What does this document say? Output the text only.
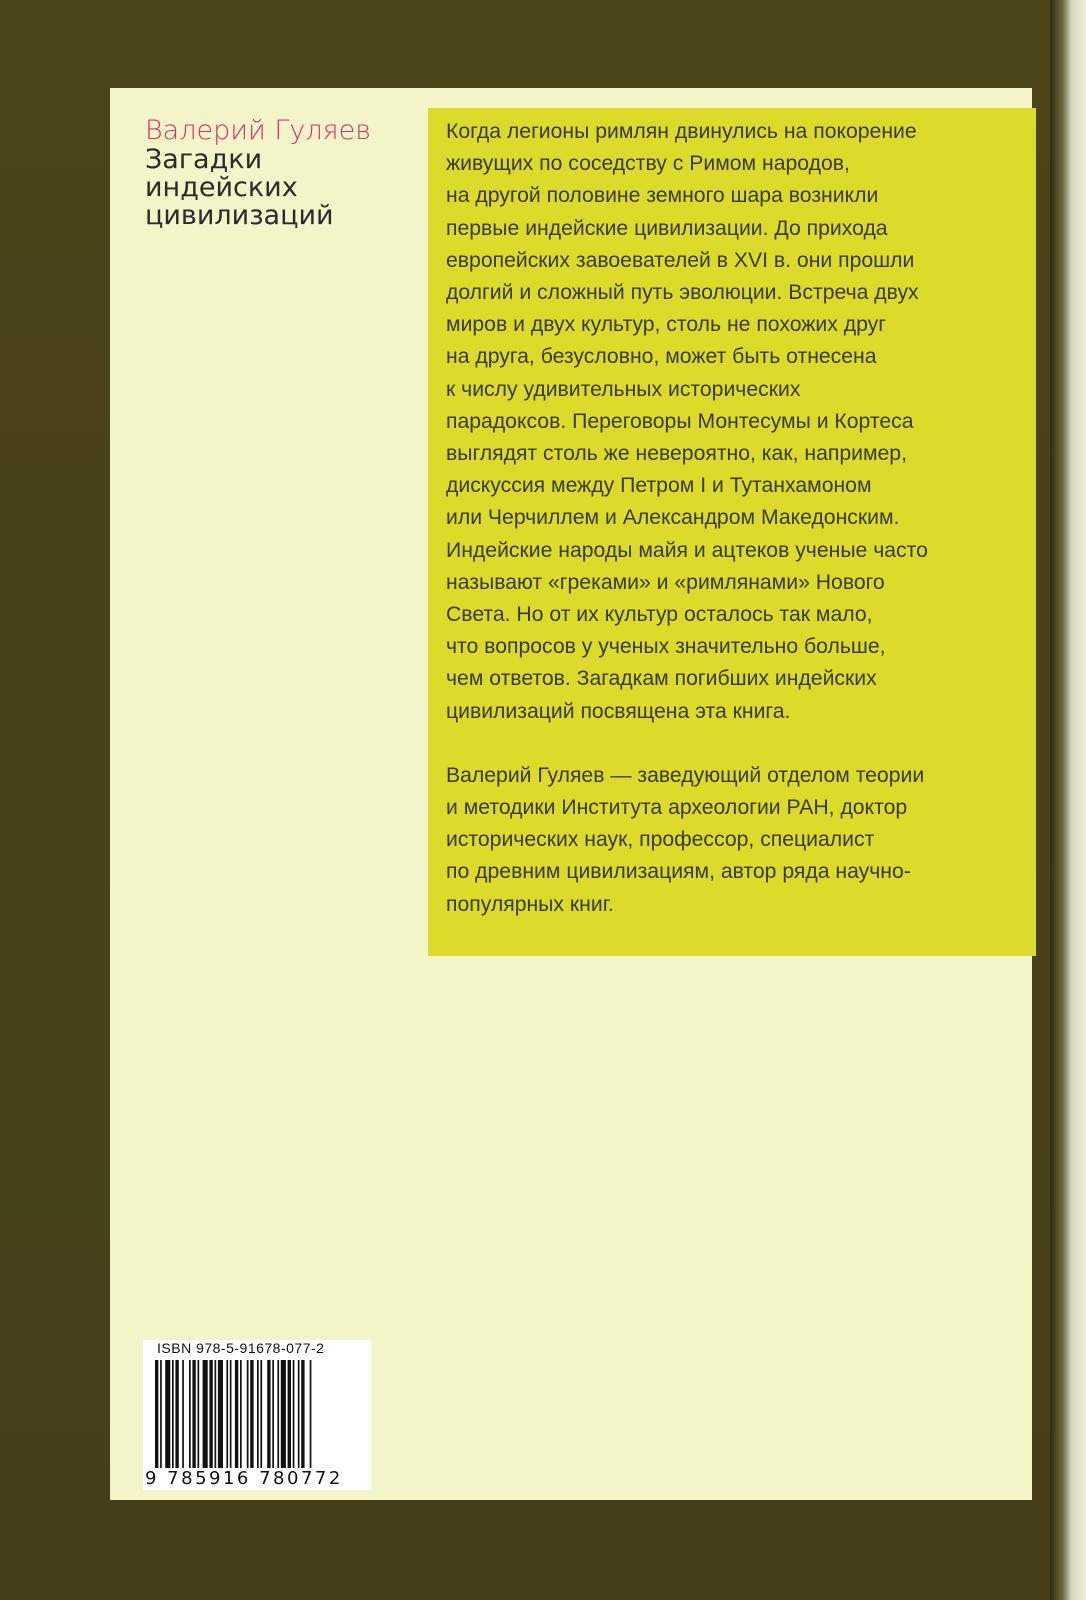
Валерий Гуляев

Загадки
индейских
цивилизаций

Когда легионы римлян двинулись на покорение
живущих по соседству с Римом народов,
на другой половине земного шара возникли
первые индейские цивилизации. До прихода
европейских завоевателей в XVI в. они прошли
долгий и сложный путь эволюции. Встреча двух
миров и двух культур, столь не похожих друг
на друга, безусловно, может быть отнесена
к числу удивительных исторических
парадоксов. Переговоры Монтесумы и Кортеса
выглядят столь же невероятно, как, например,
дискуссия между Петром I и Тутанхамоном
или Черчиллем и Александром Македонским.
Индейские народы майя и ацтеков ученые часто
называют «греками» и «римлянами» Нового
Света. Но от их культур осталось так мало,
что вопросов у ученых значительно больше,
чем ответов. Загадкам погибших индейских
цивилизаций посвящена эта книга.

Валерий Гуляев — заведующий отделом теории
и методики Института археологии РАН, доктор
исторических наук, профессор, специалист
по древним цивилизациям, автор ряда научно-
популярных книг.

ISBN 978-5-91678-077-2
9 785916 780772
